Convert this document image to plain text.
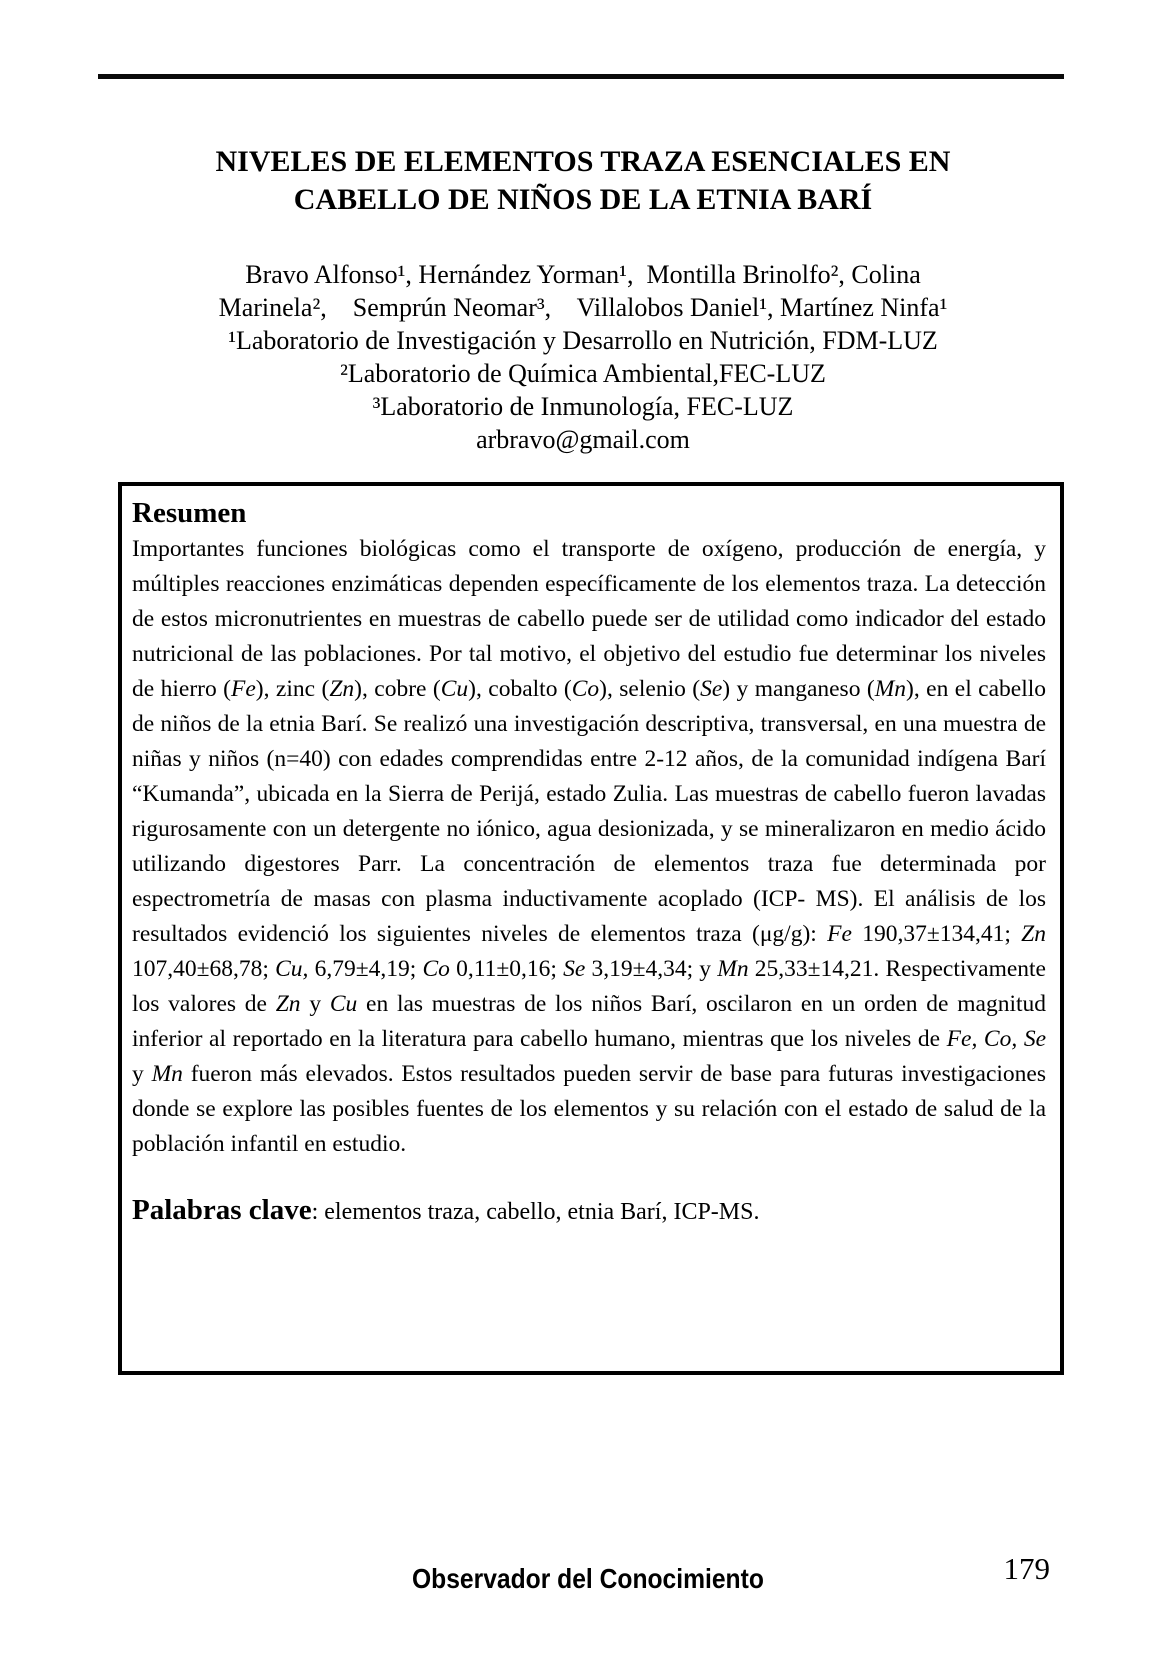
NIVELES DE ELEMENTOS TRAZA ESENCIALES EN
CABELLO DE NIÑOS DE LA ETNIA BARÍ
Bravo Alfonso¹, Hernández Yorman¹,  Montilla Brinolfo², Colina
Marinela²,    Semprún Neomar³,    Villalobos Daniel¹, Martínez Ninfa¹
¹Laboratorio de Investigación y Desarrollo en Nutrición, FDM-LUZ
²Laboratorio de Química Ambiental,FEC-LUZ
³Laboratorio de Inmunología, FEC-LUZ
arbravo@gmail.com
Resumen

Importantes funciones biológicas como el transporte de oxígeno, producción de energía, y múltiples reacciones enzimáticas dependen específicamente de los elementos traza. La detección de estos micronutrientes en muestras de cabello puede ser de utilidad como indicador del estado nutricional de las poblaciones. Por tal motivo, el objetivo del estudio fue determinar los niveles de hierro (Fe), zinc (Zn), cobre (Cu), cobalto (Co), selenio (Se) y manganeso (Mn), en el cabello de niños de la etnia Barí. Se realizó una investigación descriptiva, transversal, en una muestra de niñas y niños (n=40) con edades comprendidas entre 2-12 años, de la comunidad indígena Barí “Kumanda”, ubicada en la Sierra de Perijá, estado Zulia. Las muestras de cabello fueron lavadas rigurosamente con un detergente no iónico, agua desionizada, y se mineralizaron en medio ácido utilizando digestores Parr. La concentración de elementos traza fue determinada por espectrometría de masas con plasma inductivamente acoplado (ICP- MS). El análisis de los resultados evidenció los siguientes niveles de elementos traza (μg/g): Fe 190,37±134,41; Zn 107,40±68,78; Cu, 6,79±4,19; Co 0,11±0,16; Se 3,19±4,34; y Mn 25,33±14,21. Respectivamente los valores de Zn y Cu en las muestras de los niños Barí, oscilaron en un orden de magnitud inferior al reportado en la literatura para cabello humano, mientras que los niveles de Fe, Co, Se y Mn fueron más elevados. Estos resultados pueden servir de base para futuras investigaciones donde se explore las posibles fuentes de los elementos y su relación con el estado de salud de la población infantil en estudio.

Palabras clave: elementos traza, cabello, etnia Barí, ICP-MS.
Observador del Conocimiento	179
